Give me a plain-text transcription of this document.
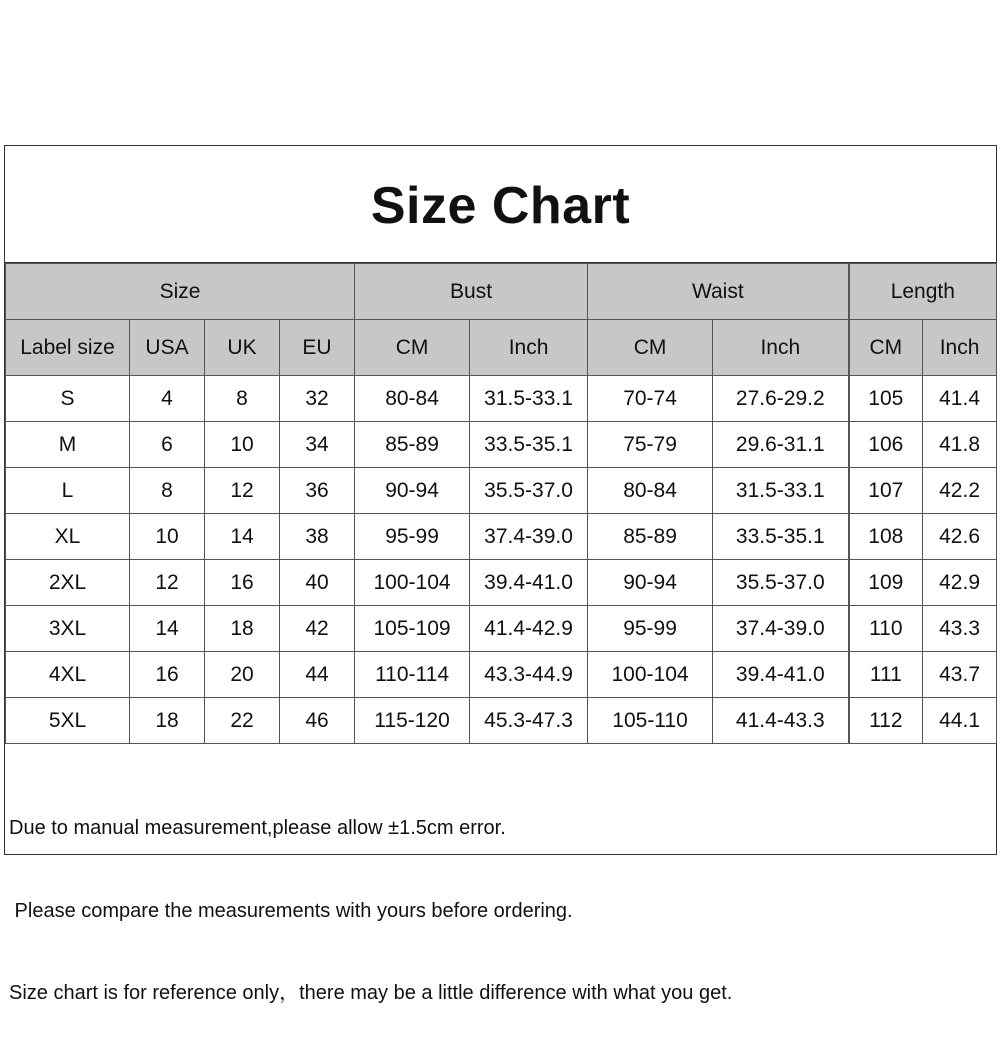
Size Chart
Size				Bust		Waist		Length	
Label size	USA	UK	EU	CM	Inch	CM	Inch	CM	Inch
S	4	8	32	80-84	31.5-33.1	70-74	27.6-29.2	105	41.4
M	6	10	34	85-89	33.5-35.1	75-79	29.6-31.1	106	41.8
L	8	12	36	90-94	35.5-37.0	80-84	31.5-33.1	107	42.2
XL	10	14	38	95-99	37.4-39.0	85-89	33.5-35.1	108	42.6
2XL	12	16	40	100-104	39.4-41.0	90-94	35.5-37.0	109	42.9
3XL	14	18	42	105-109	41.4-42.9	95-99	37.4-39.0	110	43.3
4XL	16	20	44	110-114	43.3-44.9	100-104	39.4-41.0	111	43.7
5XL	18	22	46	115-120	45.3-47.3	105-110	41.4-43.3	112	44.1

Due to manual measurement,please allow ±1.5cm error.

Please compare the measurements with yours before ordering.

Size chart is for reference only，there may be a little difference with what you get.
